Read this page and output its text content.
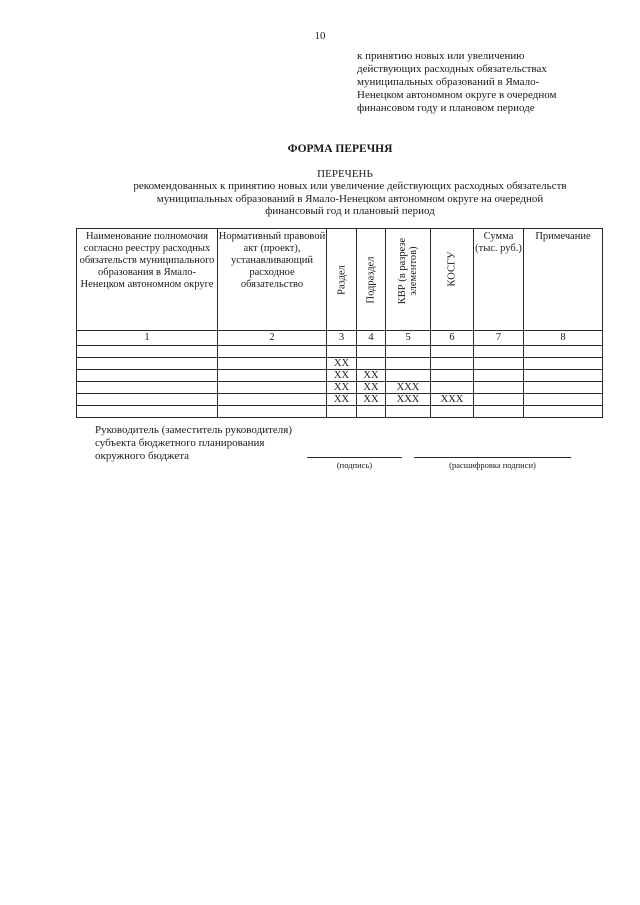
10
к принятию новых или увеличению
действующих расходных обязательствах
муниципальных образований в Ямало-
Ненецком автономном округе в очередном
финансовом году и плановом периоде
ФОРМА ПЕРЕЧНЯ
ПЕРЕЧЕНЬ
рекомендованных к принятию новых или увеличение действующих расходных обязательств
муниципальных образований в Ямало-Ненецком автономном округе на очередной
финансовый год и плановый период
Наименование полномочия согласно реестру расходных обязательств муниципального образования в Ямало-Ненецком автономном округе	Нормативный правовой акт (проект), устанавливающий расходное обязательство	Раздел	Подраздел	КВР (в разрезе элементов)	КОСГУ	Сумма (тыс. руб.)	Примечание

1	2	3	4	5	6	7	8

		XX					
		XX	XX				
		XX	XX	XXX			
		XX	XX	XXX	XXX		

Руководитель (заместитель руководителя)
субъекта бюджетного планирования
окружного бюджета
(подпись)	(расшифровка подписи)
